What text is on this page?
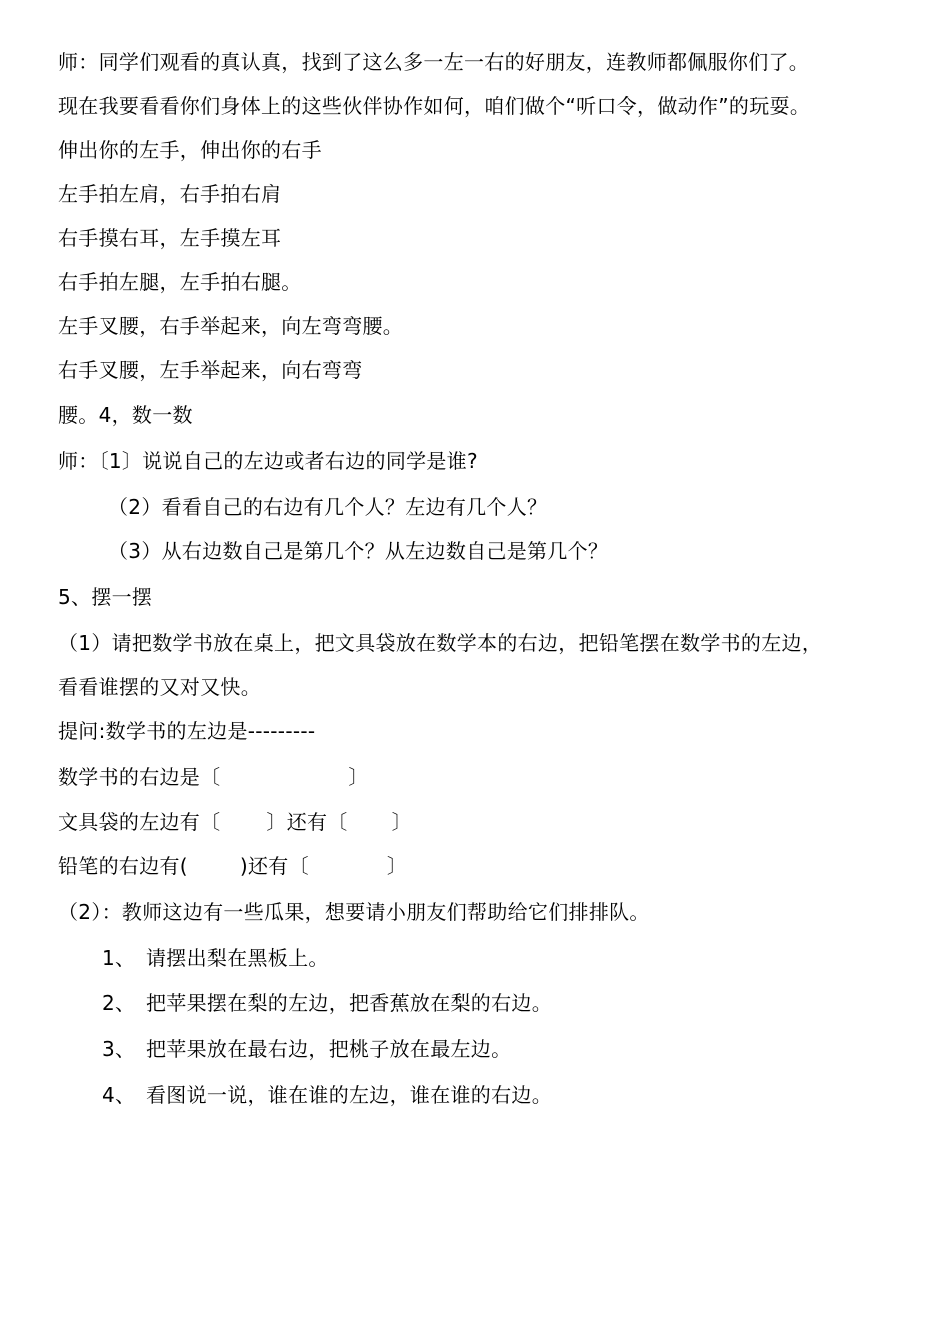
师：同学们观看的真认真，找到了这么多一左一右的好朋友，连教师都佩服你们了。
现在我要看看你们身体上的这些伙伴协作如何，咱们做个“听口令，做动作”的玩耍。
伸出你的左手，伸出你的右手
左手拍左肩，右手拍右肩
右手摸右耳，左手摸左耳
右手拍左腿，左手拍右腿。
左手叉腰，右手举起来，向左弯弯腰。
右手叉腰，左手举起来，向右弯弯
腰。4，数一数
师：〔1〕说说自己的左边或者右边的同学是谁?
（2）看看自己的右边有几个人？左边有几个人？
（3）从右边数自己是第几个？从左边数自己是第几个？
5、摆一摆
（1）请把数学书放在桌上，把文具袋放在数学本的右边，把铅笔摆在数学书的左边，
看看谁摆的又对又快。
提问:数学书的左边是---------
数学书的右边是〔	〕
文具袋的左边有〔 〕还有〔 〕
铅笔的右边有(	)还有〔	〕
（2）：教师这边有一些瓜果，想要请小朋友们帮助给它们排排队。
1、 请摆出梨在黑板上。
2、 把苹果摆在梨的左边，把香蕉放在梨的右边。
3、 把苹果放在最右边，把桃子放在最左边。
4、 看图说一说，谁在谁的左边，谁在谁的右边。
